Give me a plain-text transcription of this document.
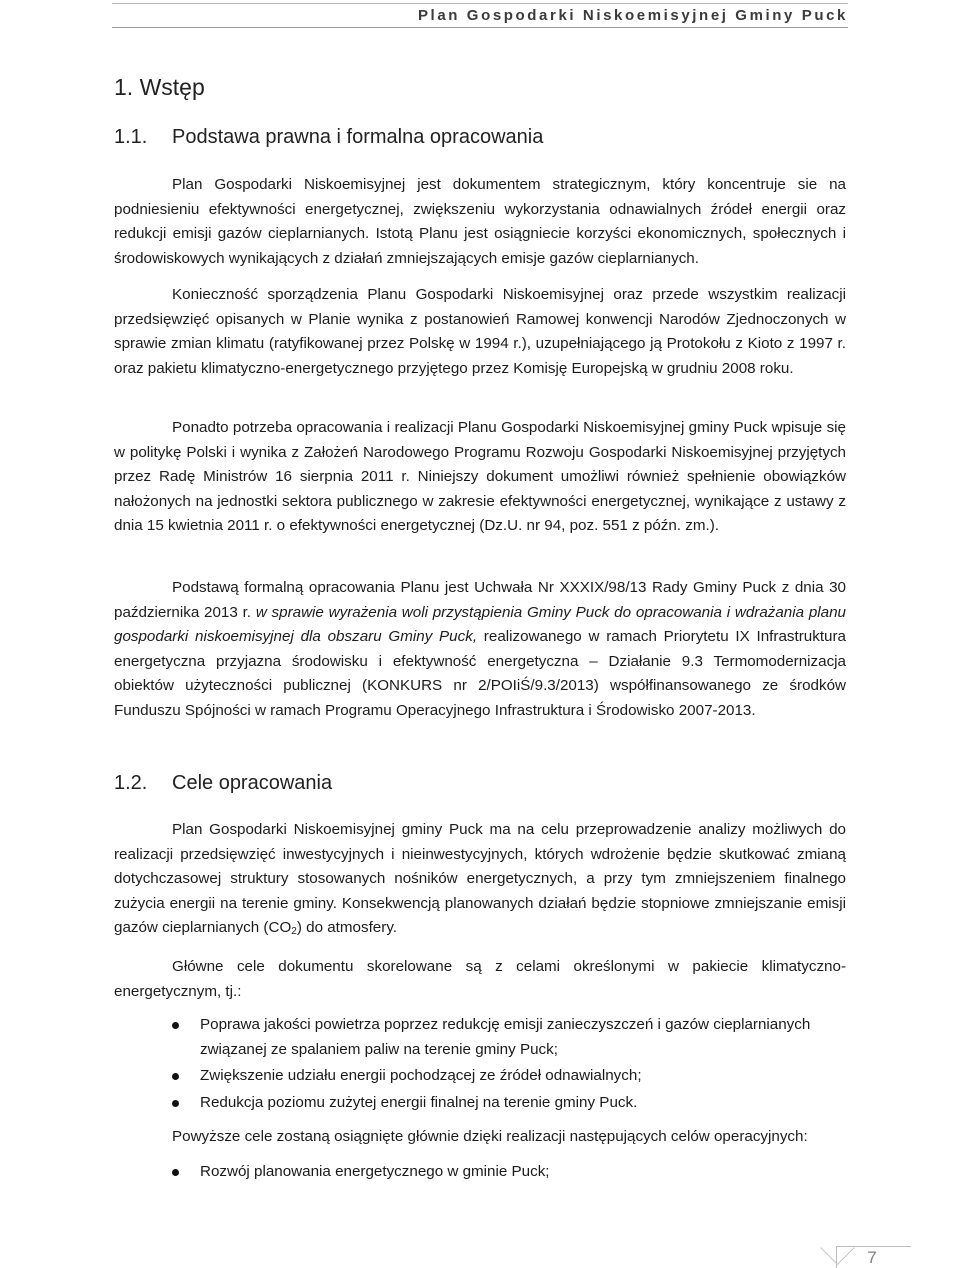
Plan Gospodarki Niskoemisyjnej Gminy Puck
1. Wstęp
1.1. Podstawa prawna i formalna opracowania

Plan Gospodarki Niskoemisyjnej jest dokumentem strategicznym, który koncentruje sie na podniesieniu efektywności energetycznej, zwiększeniu wykorzystania odnawialnych źródeł energii oraz redukcji emisji gazów cieplarnianych. Istotą Planu jest osiągniecie korzyści ekonomicznych, społecznych i środowiskowych wynikających z działań zmniejszających emisje gazów cieplarnianych.

Konieczność sporządzenia Planu Gospodarki Niskoemisyjnej oraz przede wszystkim realizacji przedsięwzięć opisanych w Planie wynika z postanowień Ramowej konwencji Narodów Zjednoczonych w sprawie zmian klimatu (ratyfikowanej przez Polskę w 1994 r.), uzupełniającego ją Protokołu z Kioto z 1997 r. oraz pakietu klimatyczno-energetycznego przyjętego przez Komisję Europejską w grudniu 2008 roku.

Ponadto potrzeba opracowania i realizacji Planu Gospodarki Niskoemisyjnej gminy Puck wpisuje się w politykę Polski i wynika z Założeń Narodowego Programu Rozwoju Gospodarki Niskoemisyjnej przyjętych przez Radę Ministrów 16 sierpnia 2011 r. Niniejszy dokument umożliwi również spełnienie obowiązków nałożonych na jednostki sektora publicznego w zakresie efektywności energetycznej, wynikające z ustawy z dnia 15 kwietnia 2011 r. o efektywności energetycznej (Dz.U. nr 94, poz. 551 z późn. zm.).

Podstawą formalną opracowania Planu jest Uchwała Nr XXXIX/98/13 Rady Gminy Puck z dnia 30 października 2013 r. w sprawie wyrażenia woli przystąpienia Gminy Puck do opracowania i wdrażania planu gospodarki niskoemisyjnej dla obszaru Gminy Puck, realizowanego w ramach Priorytetu IX Infrastruktura energetyczna przyjazna środowisku i efektywność energetyczna – Działanie 9.3 Termomodernizacja obiektów użyteczności publicznej (KONKURS nr 2/POIiŚ/9.3/2013) współfinansowanego ze środków Funduszu Spójności w ramach Programu Operacyjnego Infrastruktura i Środowisko 2007-2013.

1.2. Cele opracowania

Plan Gospodarki Niskoemisyjnej gminy Puck ma na celu przeprowadzenie analizy możliwych do realizacji przedsięwzięć inwestycyjnych i nieinwestycyjnych, których wdrożenie będzie skutkować zmianą dotychczasowej struktury stosowanych nośników energetycznych, a przy tym zmniejszeniem finalnego zużycia energii na terenie gminy. Konsekwencją planowanych działań będzie stopniowe zmniejszanie emisji gazów cieplarnianych $(CO_2)$ do atmosfery.

Główne cele dokumentu skorelowane są z celami określonymi w pakiecie klimatyczno-energetycznym, tj.:

Poprawa jakości powietrza poprzez redukcję emisji zanieczyszczeń i gazów cieplarnianych związanej ze spalaniem paliw na terenie gminy Puck;
Zwiększenie udziału energii pochodzącej ze źródeł odnawialnych;
Redukcja poziomu zużytej energii finalnej na terenie gminy Puck.

Powyższe cele zostaną osiągnięte głównie dzięki realizacji następujących celów operacyjnych:

Rozwój planowania energetycznego w gminie Puck;
7
